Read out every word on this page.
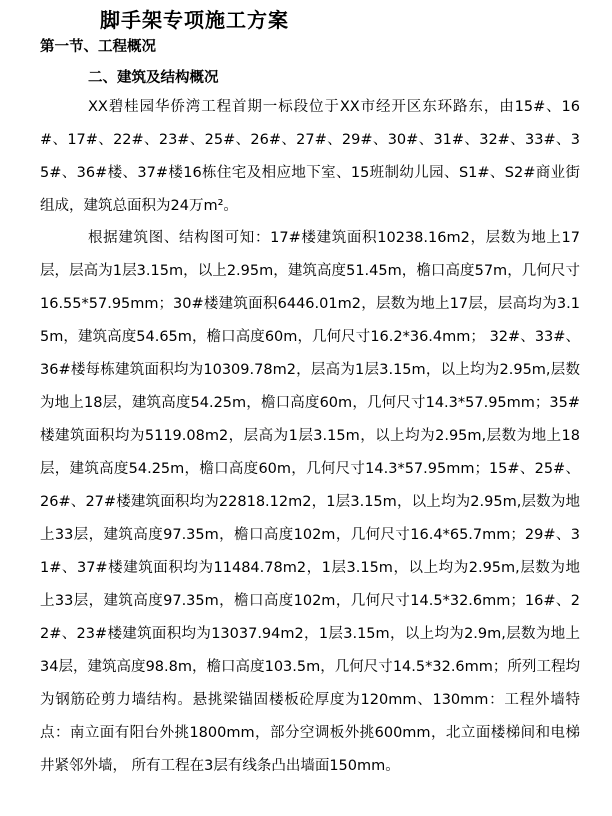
脚手架专项施工方案
第一节、工程概况
二、建筑及结构概况

XX碧桂园华侨湾工程首期一标段位于XX市经开区东环路东，由15#、16#、17#、22#、23#、25#、26#、27#、29#、30#、31#、32#、33#、35#、36#楼、37#楼16栋住宅及相应地下室、15班制幼儿园、S1#、S2#商业街组成，建筑总面积为24万m²。

根据建筑图、结构图可知：17#楼建筑面积10238.16m2，层数为地上17层，层高为1层3.15m，以上2.95m，建筑高度51.45m，檐口高度57m，几何尺寸16.55*57.95mm；30#楼建筑面积6446.01m2，层数为地上17层，层高均为3.15m，建筑高度54.65m，檐口高度60m，几何尺寸16.2*36.4mm； 32#、33#、36#楼每栋建筑面积均为10309.78m2，层高为1层3.15m，以上均为2.95m,层数为地上18层，建筑高度54.25m，檐口高度60m，几何尺寸14.3*57.95mm；35#楼建筑面积均为5119.08m2，层高为1层3.15m，以上均为2.95m,层数为地上18层，建筑高度54.25m，檐口高度60m，几何尺寸14.3*57.95mm；15#、25#、26#、27#楼建筑面积均为22818.12m2，1层3.15m，以上均为2.95m,层数为地上33层，建筑高度97.35m，檐口高度102m，几何尺寸16.4*65.7mm；29#、31#、37#楼建筑面积均为11484.78m2，1层3.15m，以上均为2.95m,层数为地上33层，建筑高度97.35m，檐口高度102m，几何尺寸14.5*32.6mm；16#、22#、23#楼建筑面积均为13037.94m2，1层3.15m，以上均为2.9m,层数为地上34层，建筑高度98.8m，檐口高度103.5m，几何尺寸14.5*32.6mm；所列工程均为钢筋砼剪力墙结构。悬挑梁锚固楼板砼厚度为120mm、130mm：工程外墙特点：南立面有阳台外挑1800mm，部分空调板外挑600mm，北立面楼梯间和电梯井紧邻外墙， 所有工程在3层有线条凸出墙面150mm。
